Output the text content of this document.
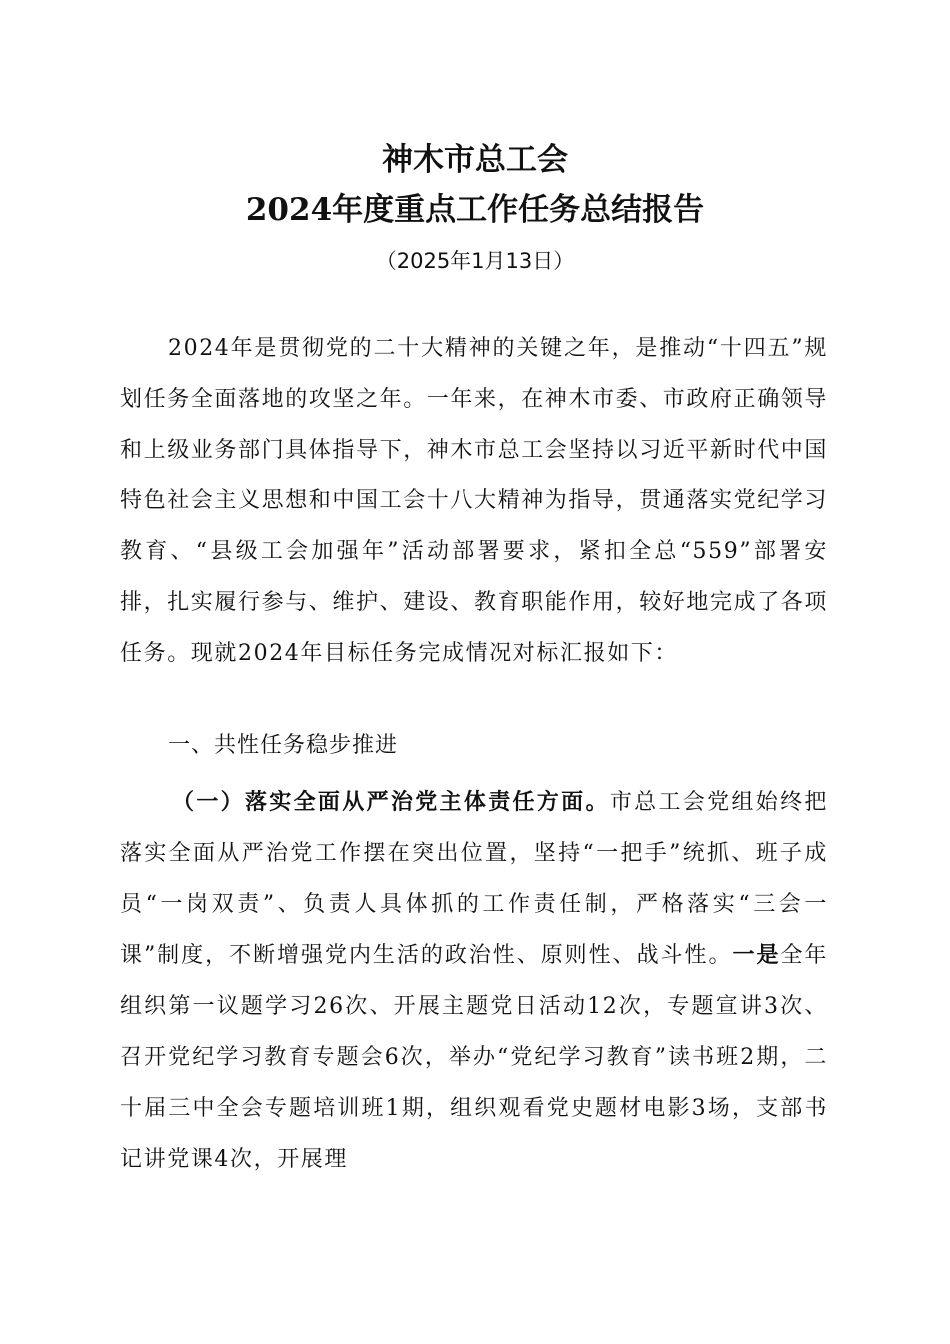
神木市总工会
2024年度重点工作任务总结报告
（2025年1月13日）
2024年是贯彻党的二十大精神的关键之年，是推动“十四五”规划任务全面落地的攻坚之年。一年来，在神木市委、市政府正确领导和上级业务部门具体指导下，神木市总工会坚持以习近平新时代中国特色社会主义思想和中国工会十八大精神为指导，贯通落实党纪学习教育、“县级工会加强年”活动部署要求，紧扣全总“559”部署安排，扎实履行参与、维护、建设、教育职能作用，较好地完成了各项任务。现就2024年目标任务完成情况对标汇报如下：
一、共性任务稳步推进
（一）落实全面从严治党主体责任方面。市总工会党组始终把落实全面从严治党工作摆在突出位置，坚持“一把手”统抓、班子成员“一岗双责”、负责人具体抓的工作责任制，严格落实“三会一课”制度，不断增强党内生活的政治性、原则性、战斗性。一是全年组织第一议题学习26次、开展主题党日活动12次，专题宣讲3次、召开党纪学习教育专题会6次，举办“党纪学习教育”读书班2期，二十届三中全会专题培训班1期，组织观看党史题材电影3场，支部书记讲党课4次，开展理
